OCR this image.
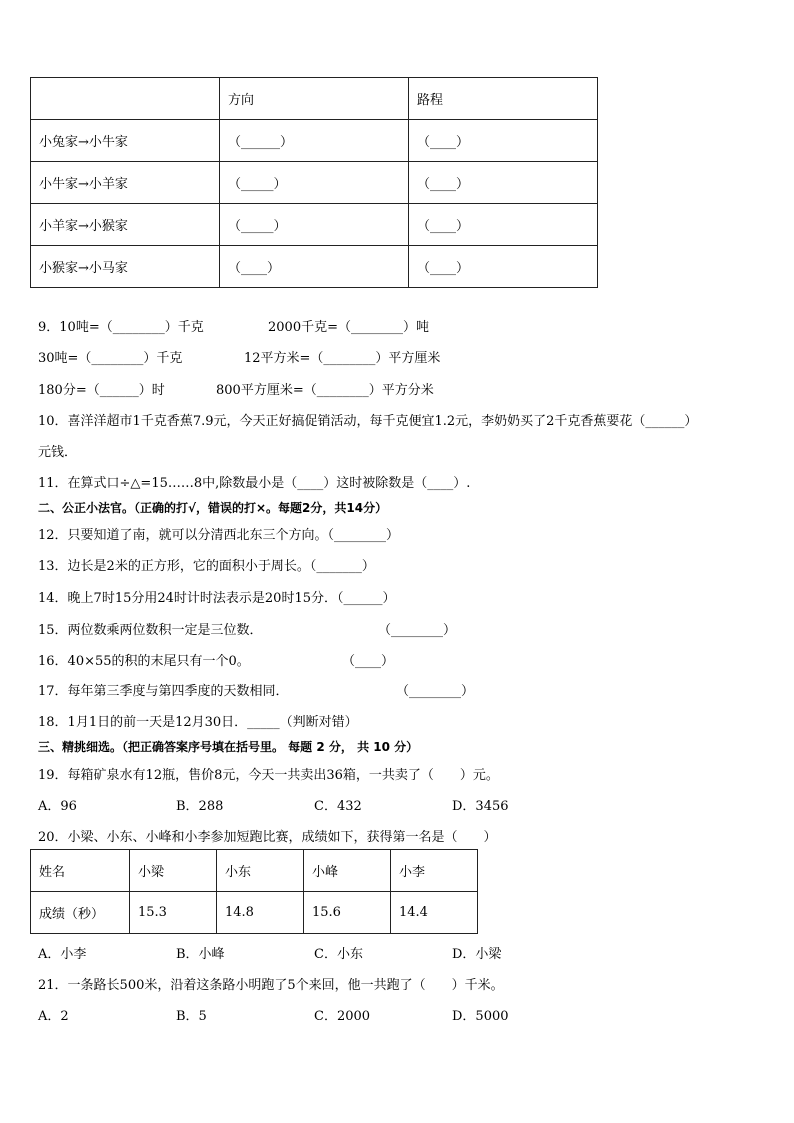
	方向	路程
小兔家→小牛家	（______）	（____）
小牛家→小羊家	（_____）	（____）
小羊家→小猴家	（_____）	（____）
小猴家→小马家	（____）	（____）
9．10吨=（________）千克	2000千克=（________）吨
30吨=（________）千克	12平方米=（________）平方厘米
180分=（______）时	800平方厘米=（________）平方分米
10．喜洋洋超市1千克香蕉7.9元，今天正好搞促销活动，每千克便宜1.2元，李奶奶买了2千克香蕉要花（______）
元钱．
11．在算式口÷△=15……8中,除数最小是（____）这时被除数是（____）.
二、公正小法官。（正确的打√，错误的打×。每题2分，共14分）
12．只要知道了南，就可以分清西北东三个方向。（________）
13．边长是2米的正方形，它的面积小于周长。（_______）
14．晚上7时15分用24时计时法表示是20时15分．（______）
15．两位数乘两位数积一定是三位数．	（________）
16．40×55的积的末尾只有一个0。	（____）
17．每年第三季度与第四季度的天数相同．	（________）
18．1月1日的前一天是12月30日．_____（判断对错）
三、精挑细选。（把正确答案序号填在括号里。 每题 2 分， 共 10 分）
19．每箱矿泉水有12瓶，售价8元，今天一共卖出36箱，一共卖了（　　）元。
A．96	B．288	C．432	D．3456
20．小梁、小东、小峰和小李参加短跑比赛，成绩如下，获得第一名是（　　）
姓名	小梁	小东	小峰	小李
成绩（秒）	15.3	14.8	15.6	14.4
A．小李	B．小峰	C．小东	D．小梁
21．一条路长500米，沿着这条路小明跑了5个来回，他一共跑了（　　）千米。
A．2	B．5	C．2000	D．5000
